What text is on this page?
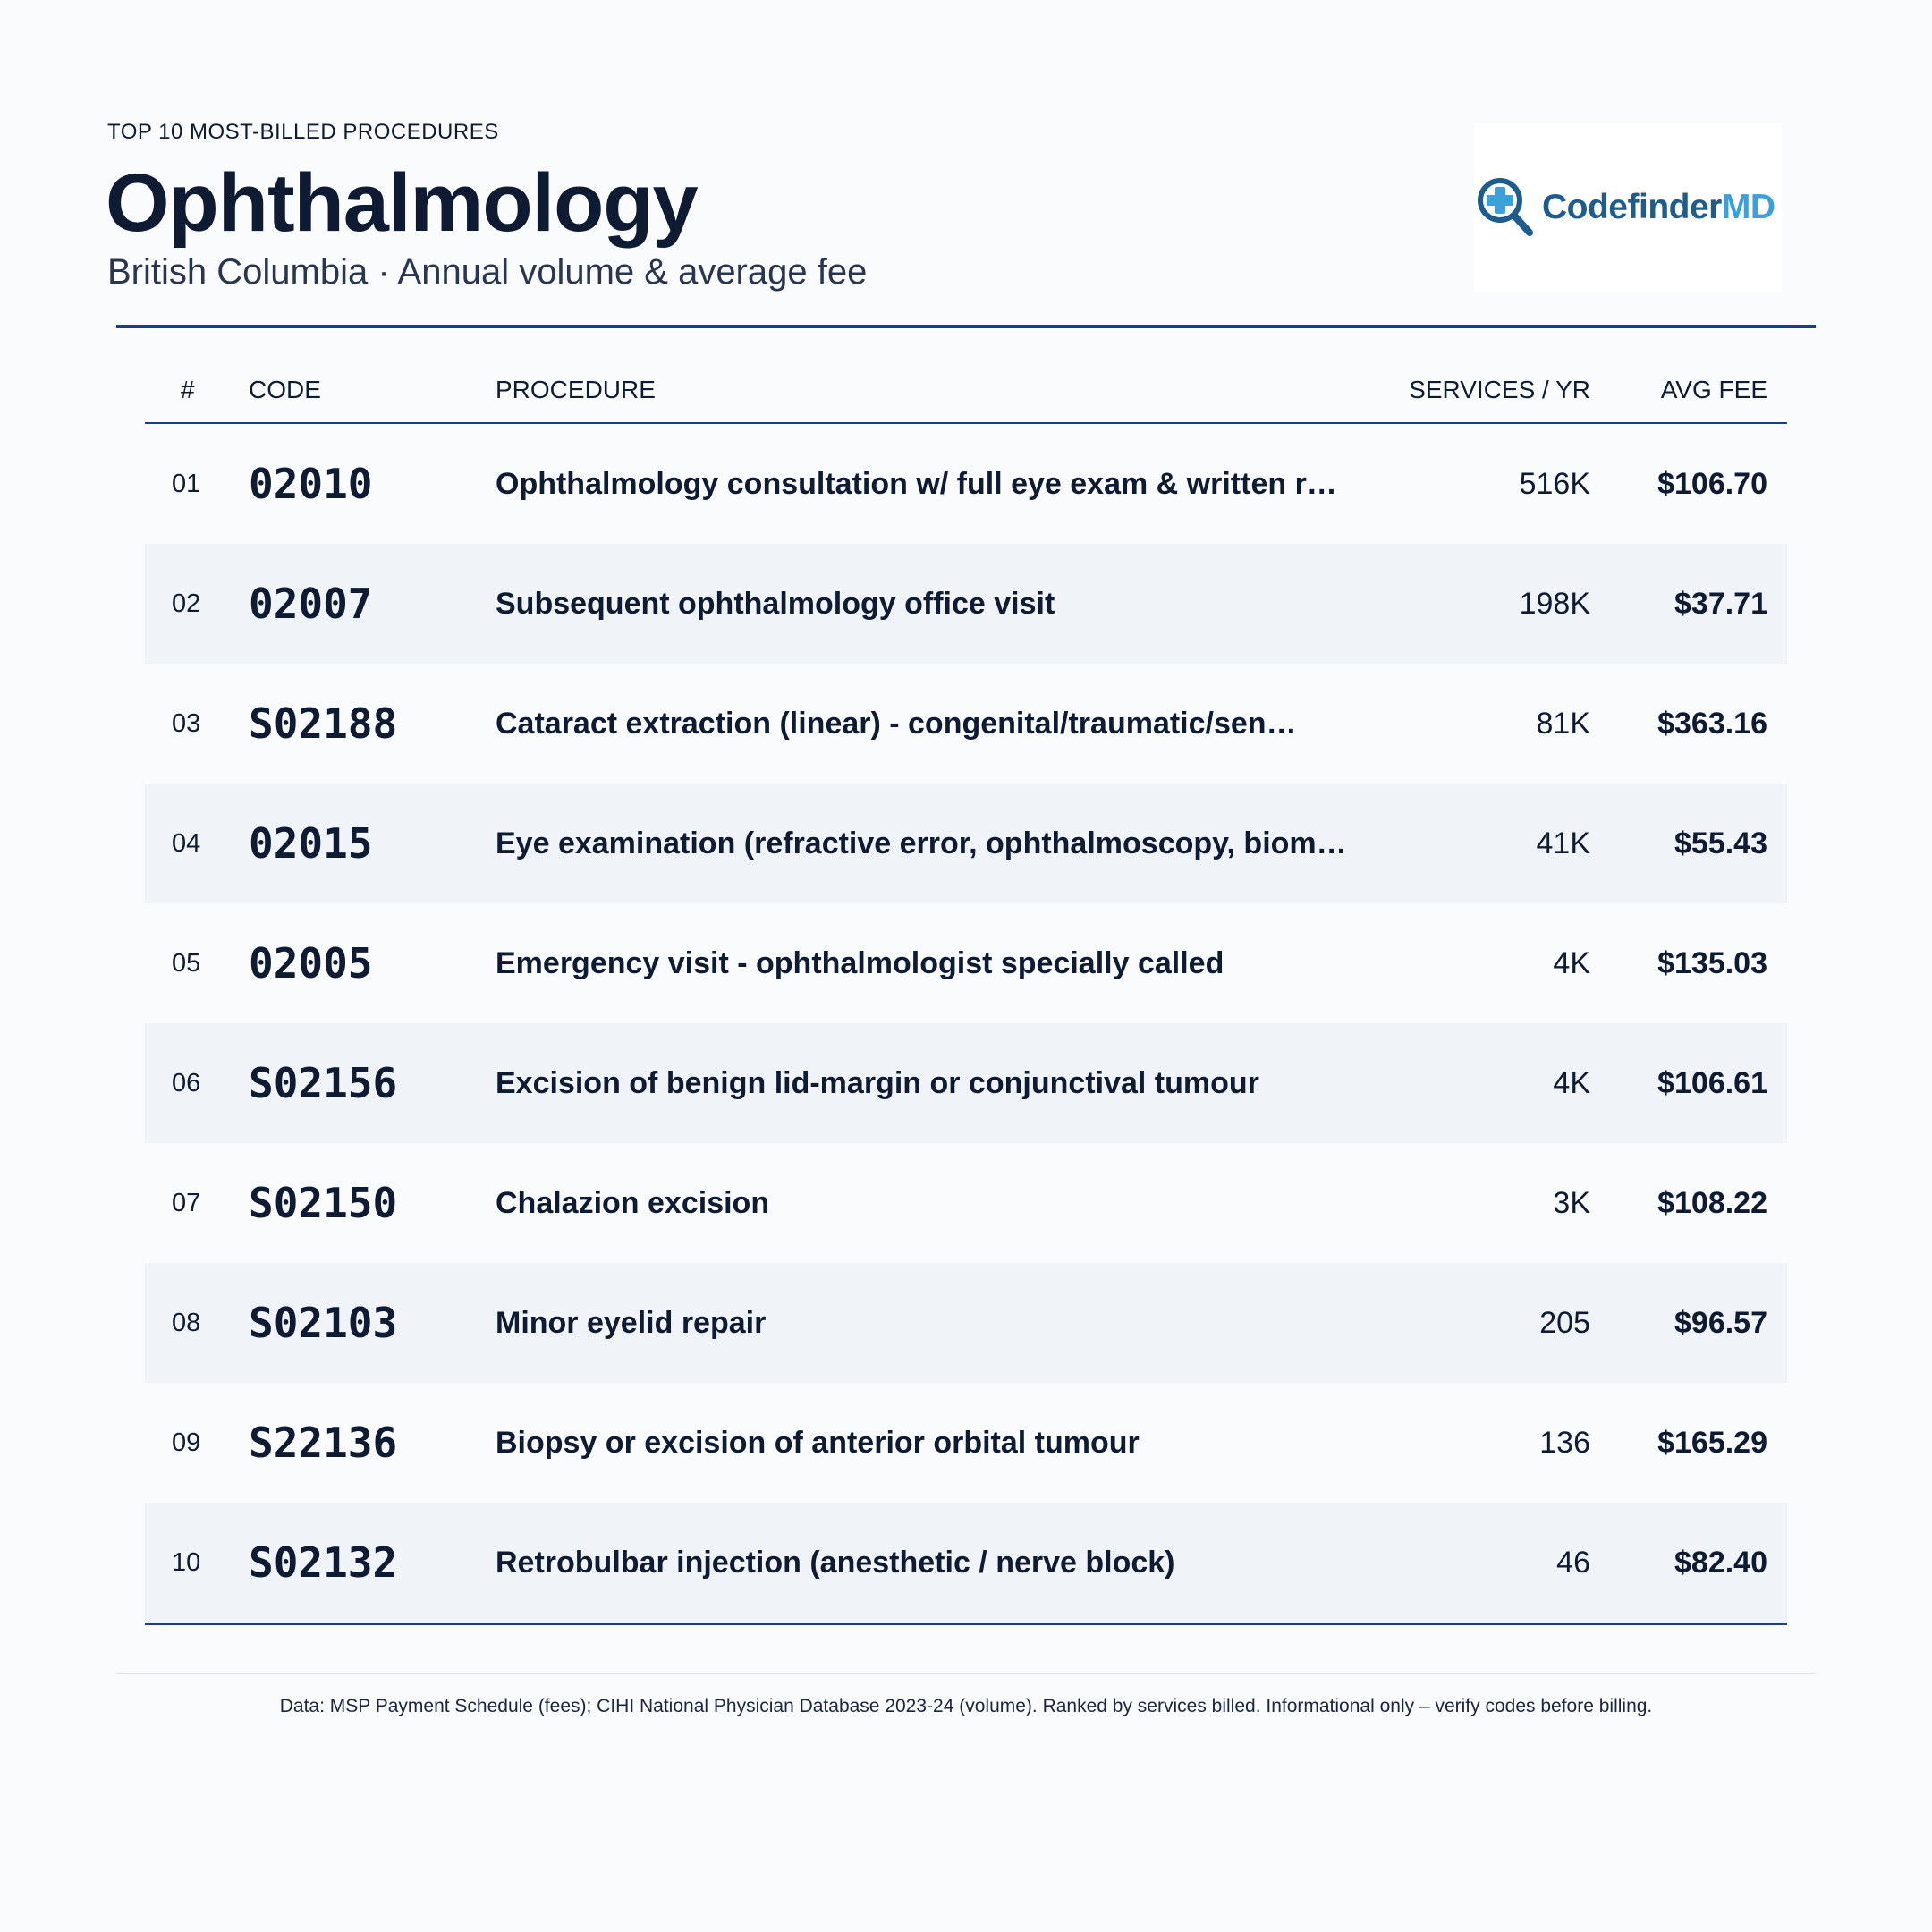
TOP 10 MOST-BILLED PROCEDURES
Ophthalmology
British Columbia · Annual volume & average fee
CodefinderMD
# CODE	PROCEDURE	SERVICES / YR	AVG FEE
01	02010	Ophthalmology consultation w/ full eye exam & written r…	516K $106.70
02	02007	Subsequent ophthalmology office visit	198K	$37.71
03	S02188	Cataract extraction (linear) - congenital/traumatic/sen…	81K $363.16
04	02015	Eye examination (refractive error, ophthalmoscopy, biom…	41K	$55.43
05	02005	Emergency visit - ophthalmologist specially called	4K $135.03
06	S02156	Excision of benign lid-margin or conjunctival tumour	4K $106.61
07	S02150	Chalazion excision	3K $108.22
08	S02103	Minor eyelid repair	205	$96.57
09	S22136	Biopsy or excision of anterior orbital tumour	136 $165.29
10	S02132	Retrobulbar injection (anesthetic / nerve block)	46	$82.40
Data: MSP Payment Schedule (fees); CIHI National Physician Database 2023-24 (volume). Ranked by services billed. Informational only – verify codes before billing.
